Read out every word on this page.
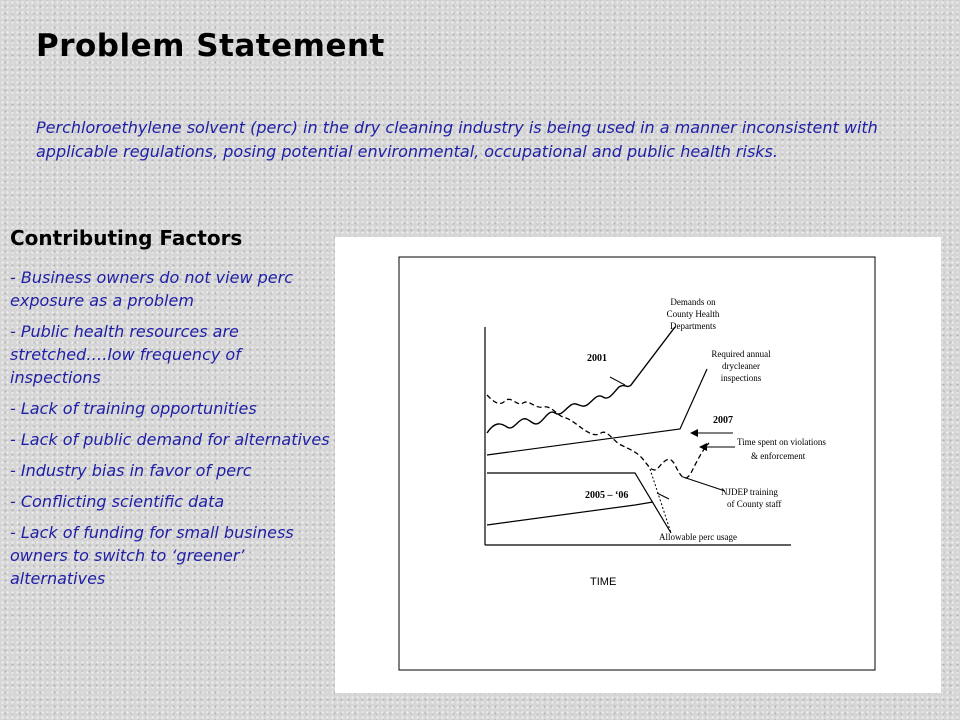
Problem Statement

Perchloroethylene solvent (perc) in the dry cleaning industry is being used in a manner inconsistent with applicable regulations, posing potential environmental, occupational and public health risks.

Contributing Factors
- Business owners do not view perc exposure as a problem
- Public health resources are stretched….low frequency of inspections
- Lack of training opportunities
- Lack of public demand for alternatives
- Industry bias in favor of perc
- Conflicting scientific data
- Lack of funding for small business owners to switch to ‘greener’ alternatives
Demands on
County Health
Departments
2001	Required annual
drycleaner
inspections
2007
Time spent on violations
& enforcement
2005 – ‘06	NJDEP training
of County staff
Allowable perc usage
TIME
